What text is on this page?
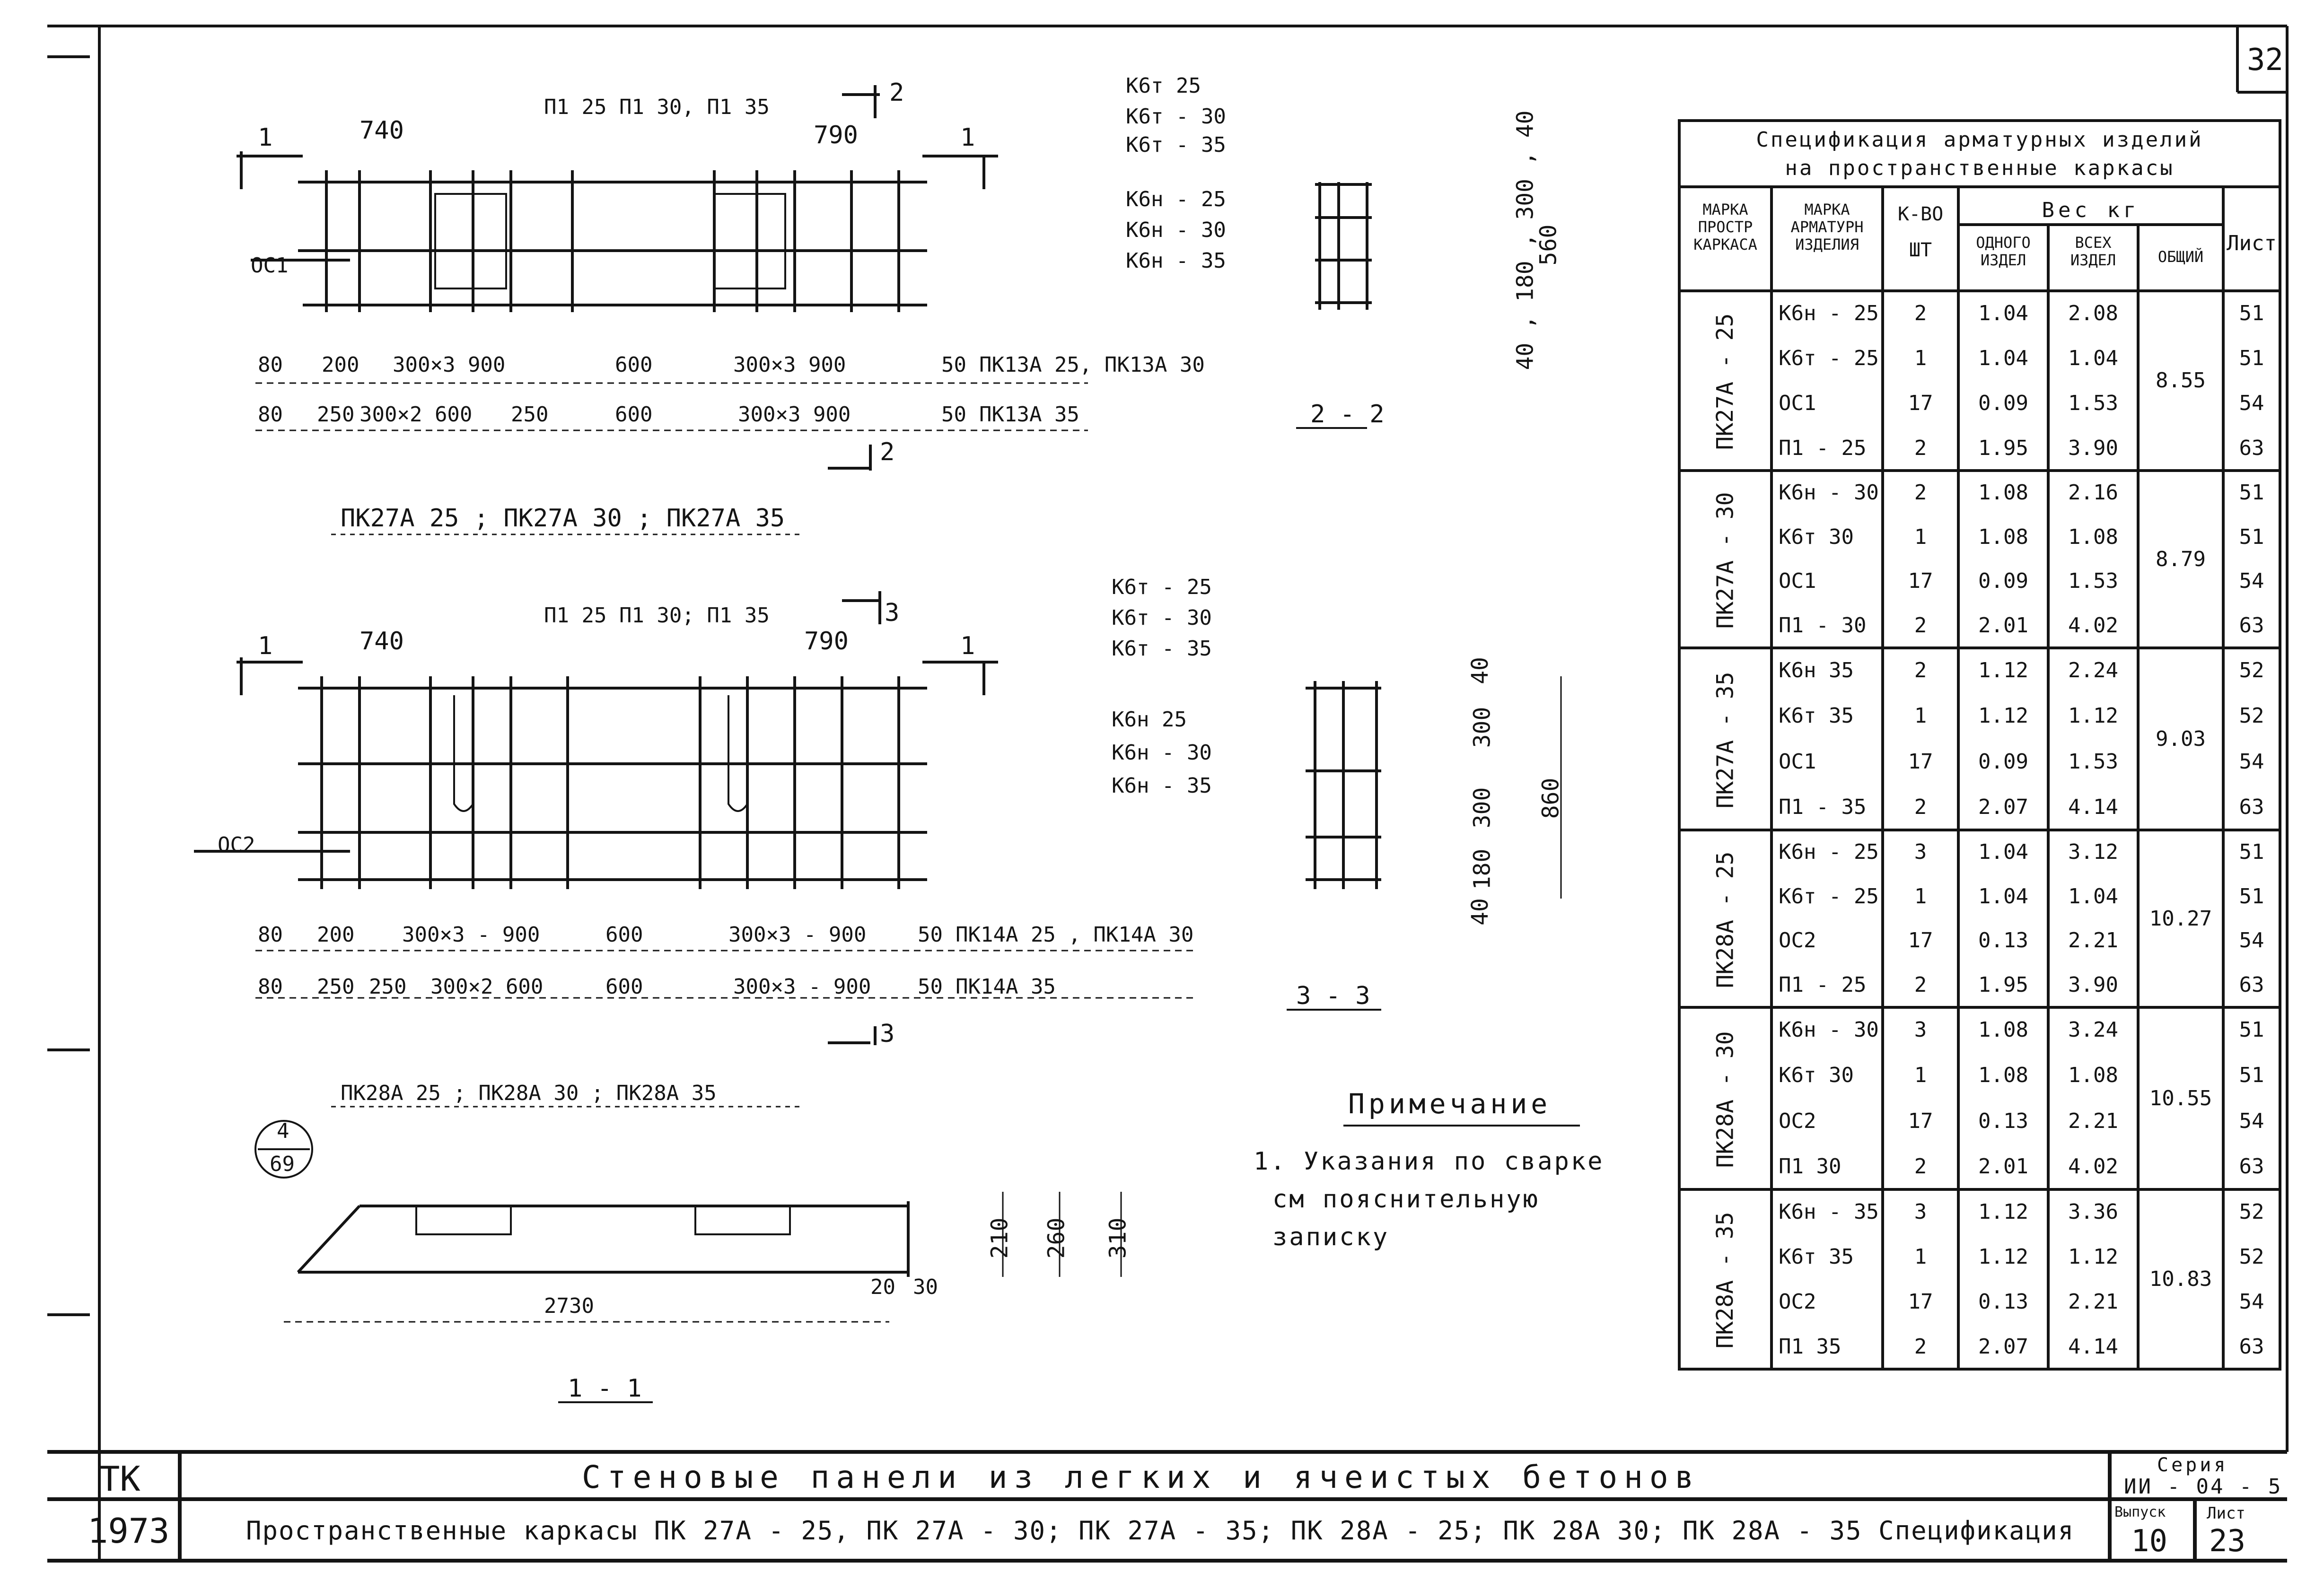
32
1	740
П1 25 П1 30, П1 35
2
790	1
ОС1
К6т 25
К6т - 30
К6т - 35
К6н - 25
К6н - 30
К6н - 35
80 200 300×3 900	600	300×3 900	50 ПК13А 25, ПК13А 30
80 250 300×2 600 250	600	300×3 900	50 ПК13А 35
2
ПК27А 25 ; ПК27А 30 ; ПК27А 35
2 - 2
40 , 180 , 300 , 40
560
1	740
П1 25 П1 30; П1 35	3
790	1
ОС2
К6т - 25
К6т - 30
К6т - 35
К6н 25
К6н - 30
К6н - 35
80 200 300×3 - 900	600	300×3 - 900 50 ПК14А 25 , ПК14А 30
80 250 250 300×2 600	600	300×3 - 900 50 ПК14А 35
3
ПК28А 25 ; ПК28А 30 ; ПК28А 35
3 - 3
40
300
300
180
40
860
4
69
2730
20 30
210 260 310
1 - 1
Примечание
1. Указания по сварке
см пояснительную
записку
Спецификация арматурных изделий
на пространственные каркасы
МАРКА
ПРОСТР
КАРКАСА
МАРКА
АРМАТУРН
ИЗДЕЛИЯ
К-ВО
ШТ
Вес кг
ОДНОГО
ИЗДЕЛ
ВСЕХ
ИЗДЕЛ	ОБЩИЙ
Лист
ПК27А - 25	8.55
К6н - 25	2	1.04	2.08	51
К6т - 25	1	1.04	1.04	51
ОС1	17	0.09	1.53	54
П1 - 25	2	1.95	3.90	63
ПК27А - 30	8.79
К6н - 30	2	1.08	2.16	51
К6т 30	1	1.08	1.08	51
ОС1	17	0.09	1.53	54
П1 - 30	2	2.01	4.02	63
ПК27А - 35	9.03
К6н 35	2	1.12	2.24	52
К6т 35	1	1.12	1.12	52
ОС1	17	0.09	1.53	54
П1 - 35	2	2.07	4.14	63
ПК28А - 25	10.27
К6н - 25	3	1.04	3.12	51
К6т - 25	1	1.04	1.04	51
ОС2	17	0.13	2.21	54
П1 - 25	2	1.95	3.90	63
ПК28А - 30	10.55
К6н - 30	3	1.08	3.24	51
К6т 30	1	1.08	1.08	51
ОС2	17	0.13	2.21	54
П1 30	2	2.01	4.02	63
ПК28А - 35	10.83
К6н - 35	3	1.12	3.36	52
К6т 35	1	1.12	1.12	52
ОС2	17	0.13	2.21	54
П1 35	2	2.07	4.14	63
ТК
1973
Стеновые панели из легких и ячеистых бетонов
Пространственные каркасы ПК 27А - 25, ПК 27А - 30; ПК 27А - 35; ПК 28А - 25; ПК 28А 30; ПК 28А - 35 Спецификация
Серия
ИИ - 04 - 5
Выпуск
10
Лист
23
